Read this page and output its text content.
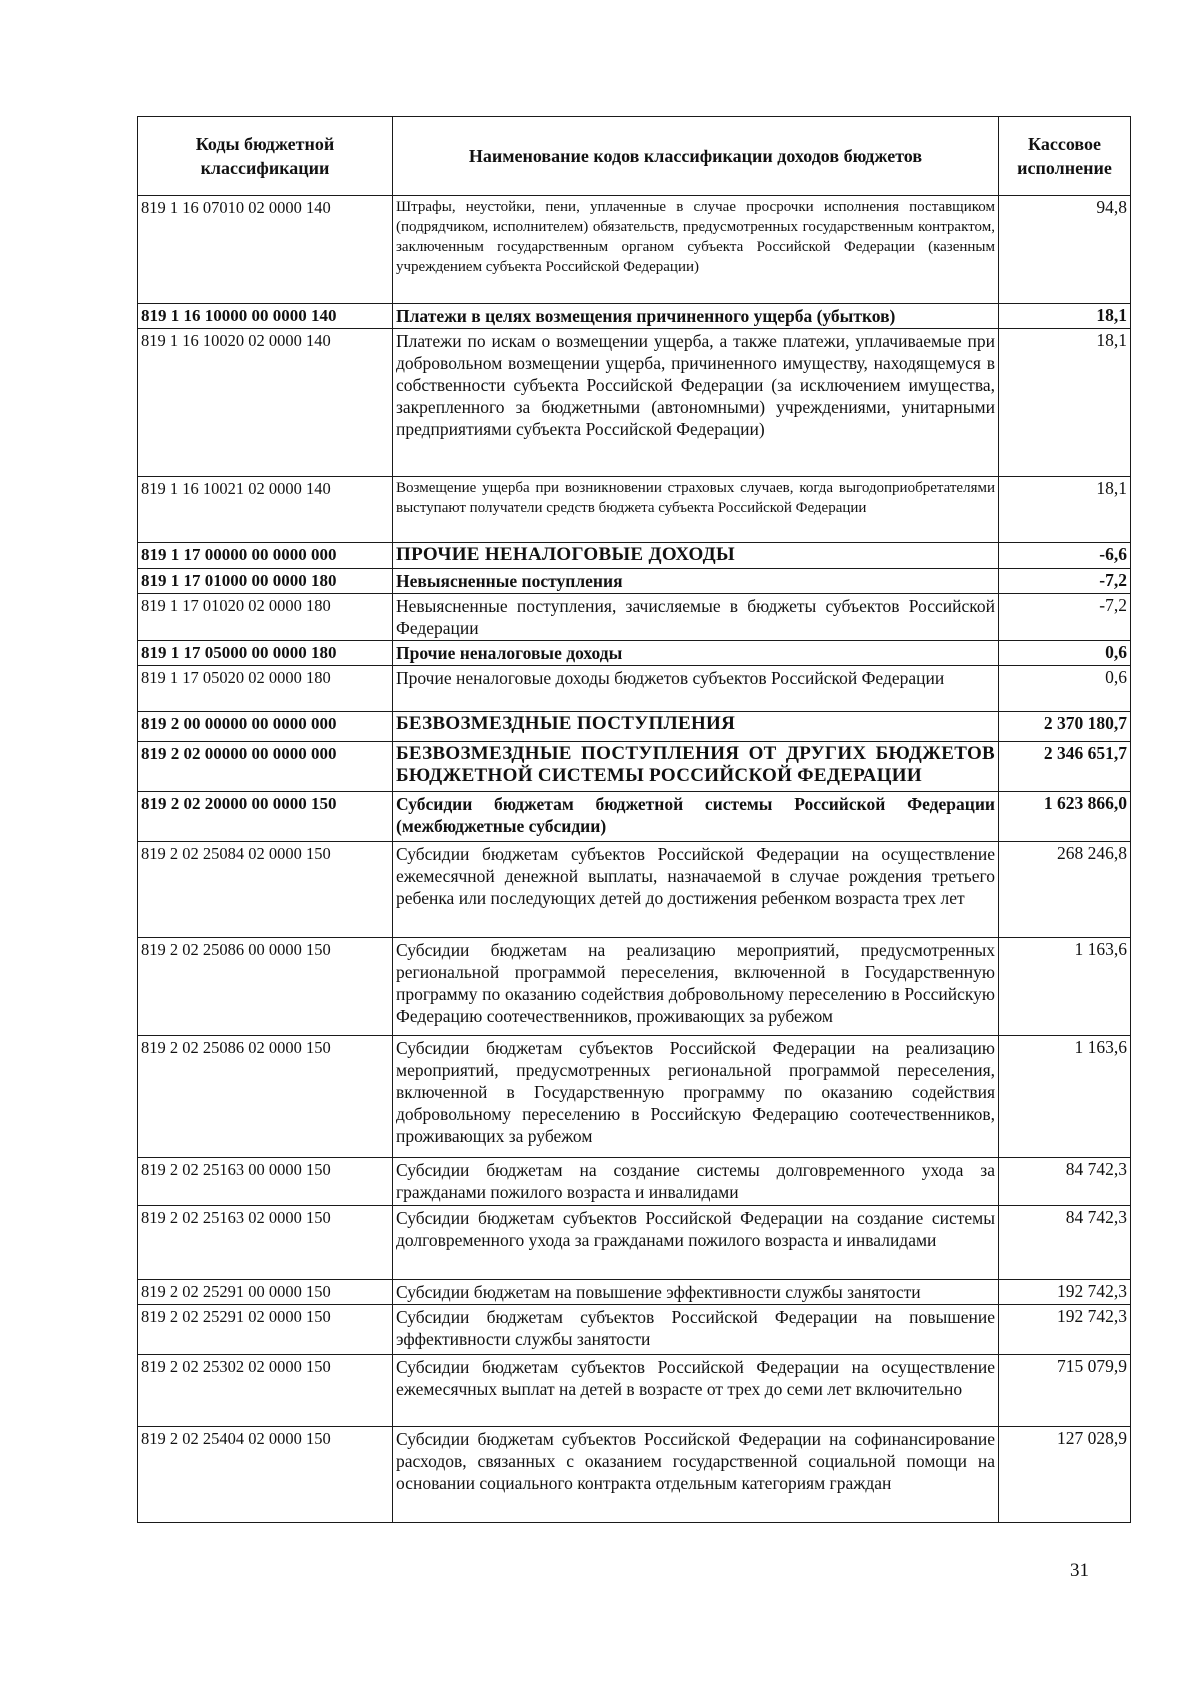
Коды бюджетной классификации	Наименование кодов классификации доходов бюджетов	Кассовое исполнение
819 1 16 07010 02 0000 140	Штрафы, неустойки, пени, уплаченные в случае просрочки исполнения поставщиком (подрядчиком, исполнителем) обязательств, предусмотренных государственным контрактом, заключенным государственным органом субъекта Российской Федерации (казенным учреждением субъекта Российской Федерации)	94,8
819 1 16 10000 00 0000 140	Платежи в целях возмещения причиненного ущерба (убытков)	18,1
819 1 16 10020 02 0000 140	Платежи по искам о возмещении ущерба, а также платежи, уплачиваемые при добровольном возмещении ущерба, причиненного имуществу, находящемуся в собственности субъекта Российской Федерации (за исключением имущества, закрепленного за бюджетными (автономными) учреждениями, унитарными предприятиями субъекта Российской Федерации)	18,1
819 1 16 10021 02 0000 140	Возмещение ущерба при возникновении страховых случаев, когда выгодоприобретателями выступают получатели средств бюджета субъекта Российской Федерации	18,1
819 1 17 00000 00 0000 000	ПРОЧИЕ НЕНАЛОГОВЫЕ ДОХОДЫ	-6,6
819 1 17 01000 00 0000 180	Невыясненные поступления	-7,2
819 1 17 01020 02 0000 180	Невыясненные поступления, зачисляемые в бюджеты субъектов Российской Федерации	-7,2
819 1 17 05000 00 0000 180	Прочие неналоговые доходы	0,6
819 1 17 05020 02 0000 180	Прочие неналоговые доходы бюджетов субъектов Российской Федерации	0,6
819 2 00 00000 00 0000 000	БЕЗВОЗМЕЗДНЫЕ ПОСТУПЛЕНИЯ	2 370 180,7
819 2 02 00000 00 0000 000	БЕЗВОЗМЕЗДНЫЕ ПОСТУПЛЕНИЯ ОТ ДРУГИХ БЮДЖЕТОВ БЮДЖЕТНОЙ СИСТЕМЫ РОССИЙСКОЙ ФЕДЕРАЦИИ	2 346 651,7
819 2 02 20000 00 0000 150	Субсидии бюджетам бюджетной системы Российской Федерации (межбюджетные субсидии)	1 623 866,0
819 2 02 25084 02 0000 150	Субсидии бюджетам субъектов Российской Федерации на осуществление ежемесячной денежной выплаты, назначаемой в случае рождения третьего ребенка или последующих детей до достижения ребенком возраста трех лет	268 246,8
819 2 02 25086 00 0000 150	Субсидии бюджетам на реализацию мероприятий, предусмотренных региональной программой переселения, включенной в Государственную программу по оказанию содействия добровольному переселению в Российскую Федерацию соотечественников, проживающих за рубежом	1 163,6
819 2 02 25086 02 0000 150	Субсидии бюджетам субъектов Российской Федерации на реализацию мероприятий, предусмотренных региональной программой переселения, включенной в Государственную программу по оказанию содействия добровольному переселению в Российскую Федерацию соотечественников, проживающих за рубежом	1 163,6
819 2 02 25163 00 0000 150	Субсидии бюджетам на создание системы долговременного ухода за гражданами пожилого возраста и инвалидами	84 742,3
819 2 02 25163 02 0000 150	Субсидии бюджетам субъектов Российской Федерации на создание системы долговременного ухода за гражданами пожилого возраста и инвалидами	84 742,3
819 2 02 25291 00 0000 150	Субсидии бюджетам на повышение эффективности службы занятости	192 742,3
819 2 02 25291 02 0000 150	Субсидии бюджетам субъектов Российской Федерации на повышение эффективности службы занятости	192 742,3
819 2 02 25302 02 0000 150	Субсидии бюджетам субъектов Российской Федерации на осуществление ежемесячных выплат на детей в возрасте от трех до семи лет включительно	715 079,9
819 2 02 25404 02 0000 150	Субсидии бюджетам субъектов Российской Федерации на софинансирование расходов, связанных с оказанием государственной социальной помощи на основании социального контракта отдельным категориям граждан	127 028,9
31
